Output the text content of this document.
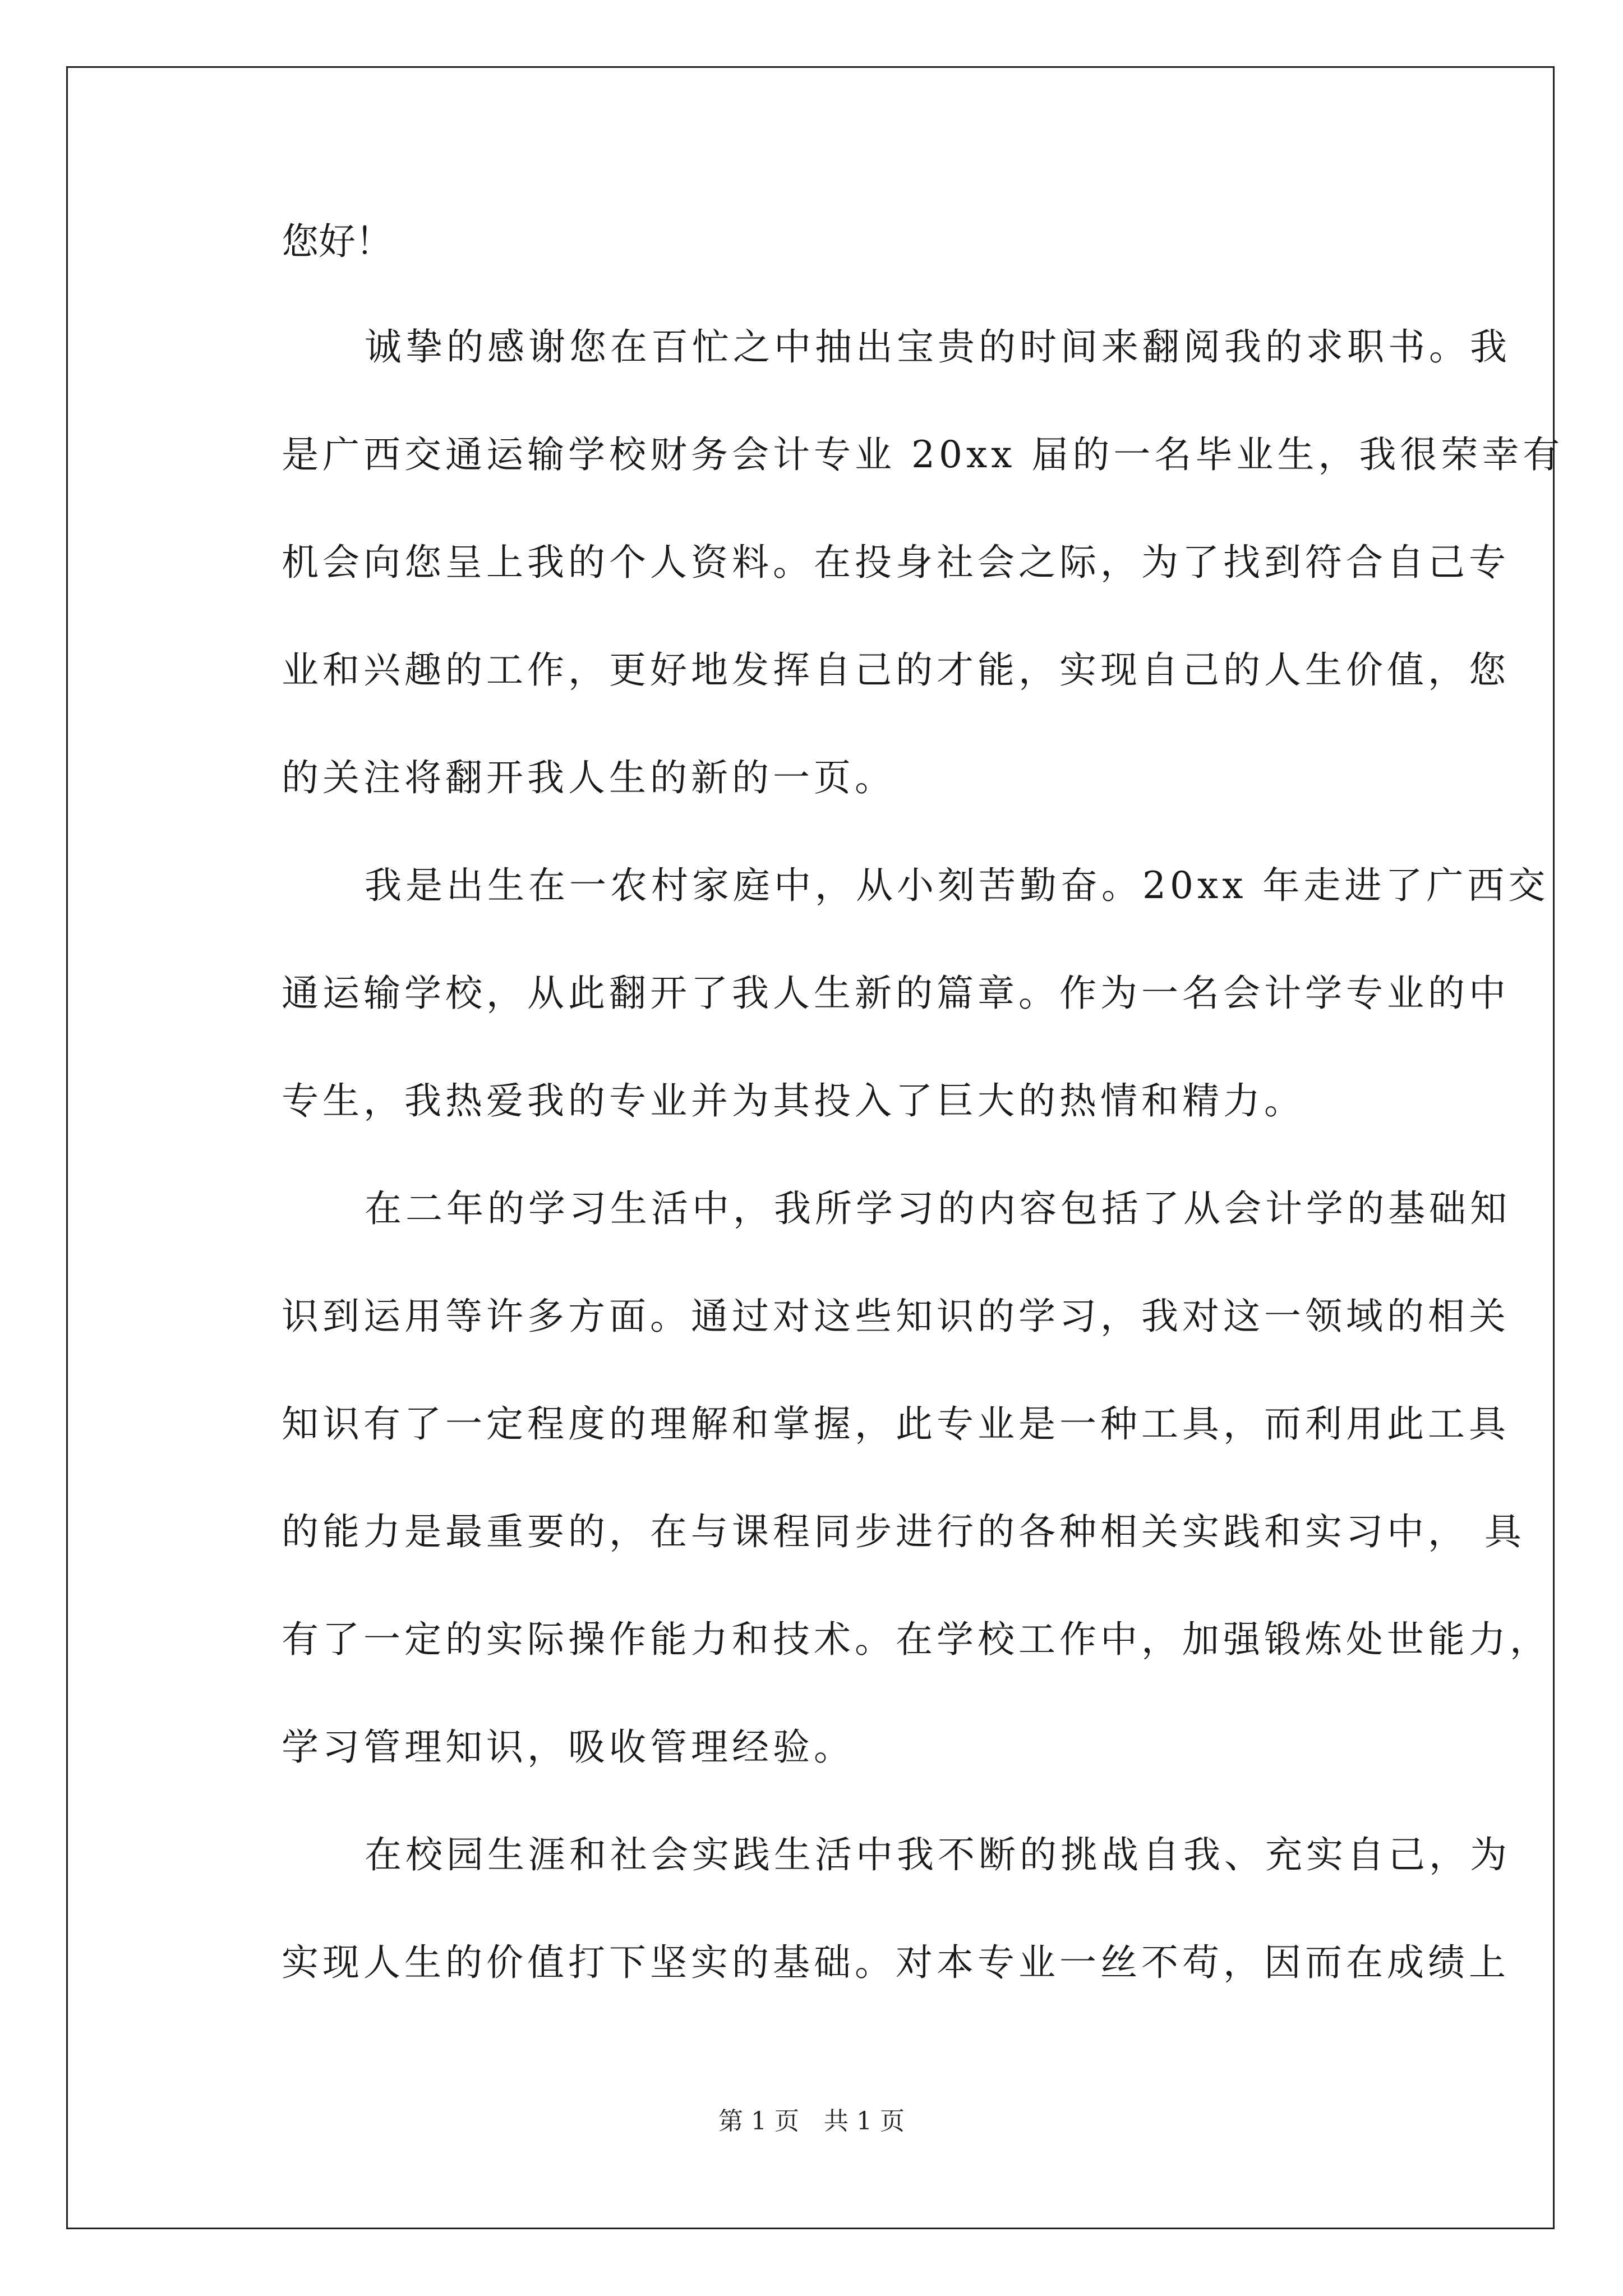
您好！

诚挚的感谢您在百忙之中抽出宝贵的时间来翻阅我的求职书。我
是广西交通运输学校财务会计专业 20xx 届的一名毕业生，我很荣幸有
机会向您呈上我的个人资料。在投身社会之际，为了找到符合自己专
业和兴趣的工作，更好地发挥自己的才能，实现自己的人生价值，您
的关注将翻开我人生的新的一页。
我是出生在一农村家庭中，从小刻苦勤奋。20xx 年走进了广西交
通运输学校，从此翻开了我人生新的篇章。作为一名会计学专业的中
专生，我热爱我的专业并为其投入了巨大的热情和精力。
在二年的学习生活中，我所学习的内容包括了从会计学的基础知
识到运用等许多方面。通过对这些知识的学习，我对这一领域的相关
知识有了一定程度的理解和掌握，此专业是一种工具，而利用此工具
的能力是最重要的，在与课程同步进行的各种相关实践和实习中， 具
有了一定的实际操作能力和技术。在学校工作中，加强锻炼处世能力，
学习管理知识，吸收管理经验。
在校园生涯和社会实践生活中我不断的挑战自我、充实自己，为
实现人生的价值打下坚实的基础。对本专业一丝不苟，因而在成绩上
第 1 页　共 1 页
